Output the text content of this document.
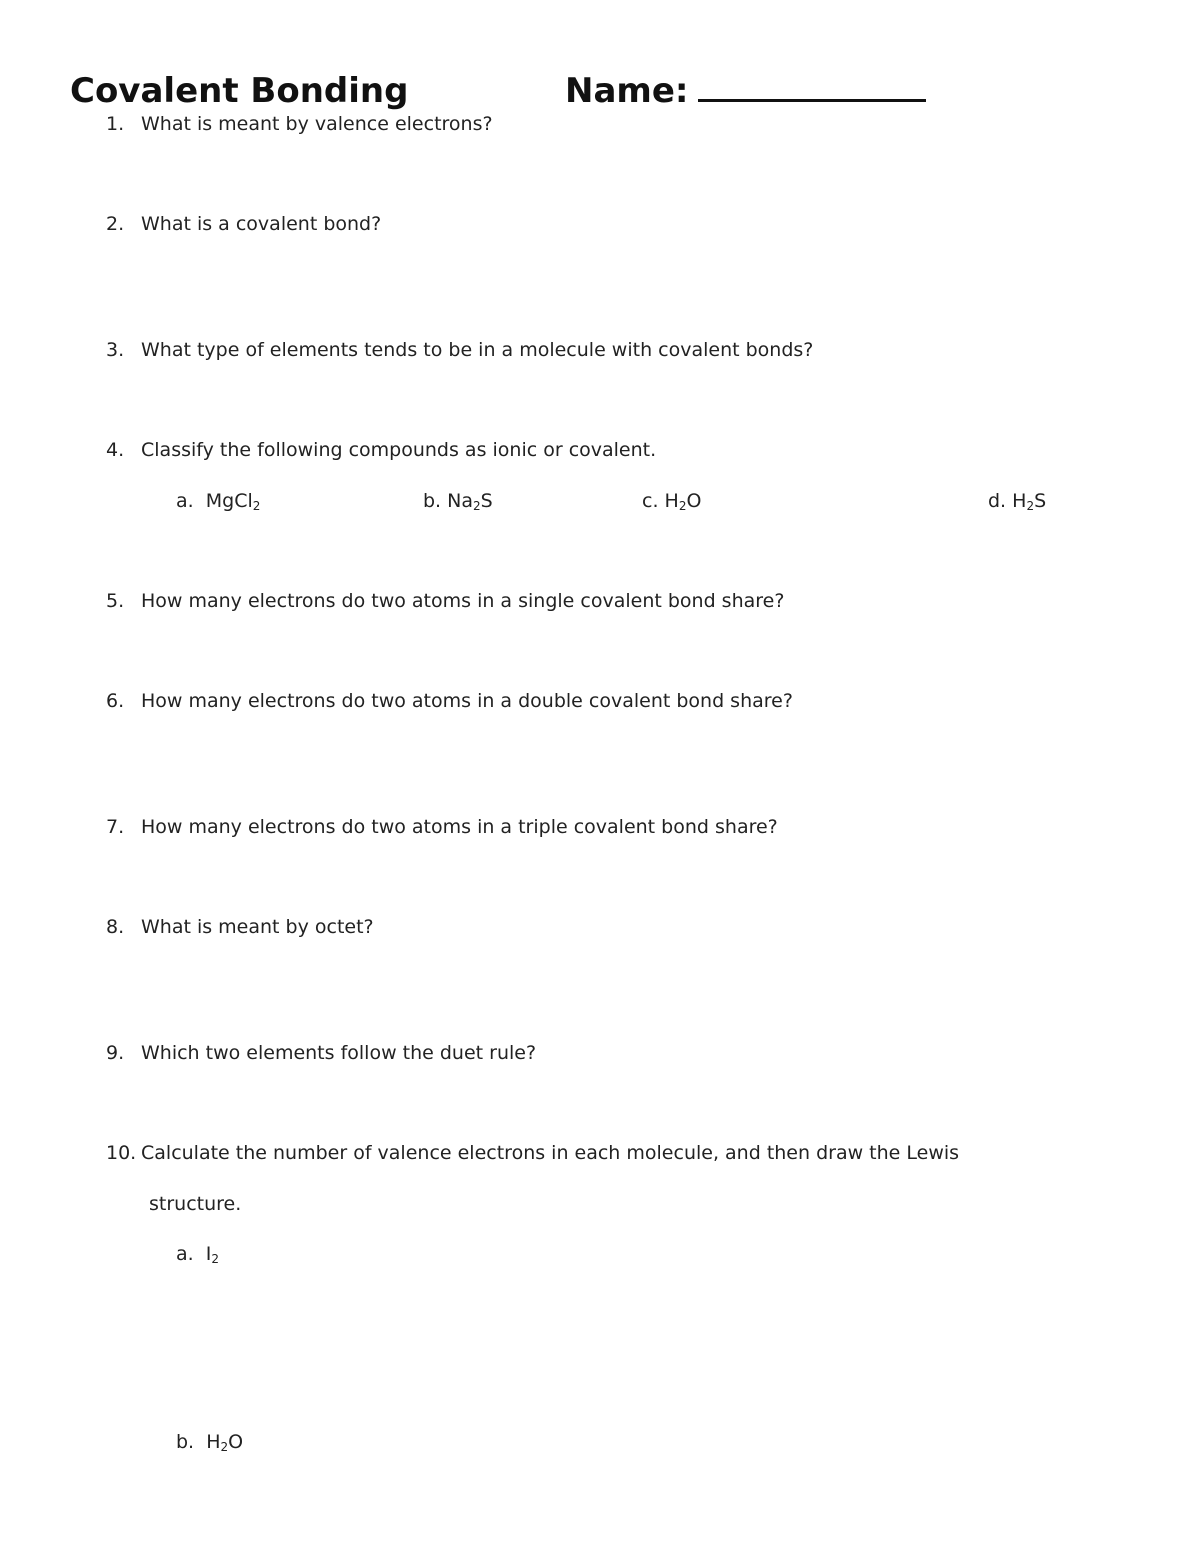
Covalent Bonding	Name:
1. What is meant by valence electrons?
2. What is a covalent bond?
3. What type of elements tends to be in a molecule with covalent bonds?
4. Classify the following compounds as ionic or covalent.
a. MgCl$_2$	b. $Na_2S$	c. $H_2O$	d. $H_2S$
5. How many electrons do two atoms in a single covalent bond share?
6. How many electrons do two atoms in a double covalent bond share?
7. How many electrons do two atoms in a triple covalent bond share?
8. What is meant by octet?
9. Which two elements follow the duet rule?
10. Calculate the number of valence electrons in each molecule, and then draw the Lewis
structure.
a. $I_2$
b. $H_2O$
